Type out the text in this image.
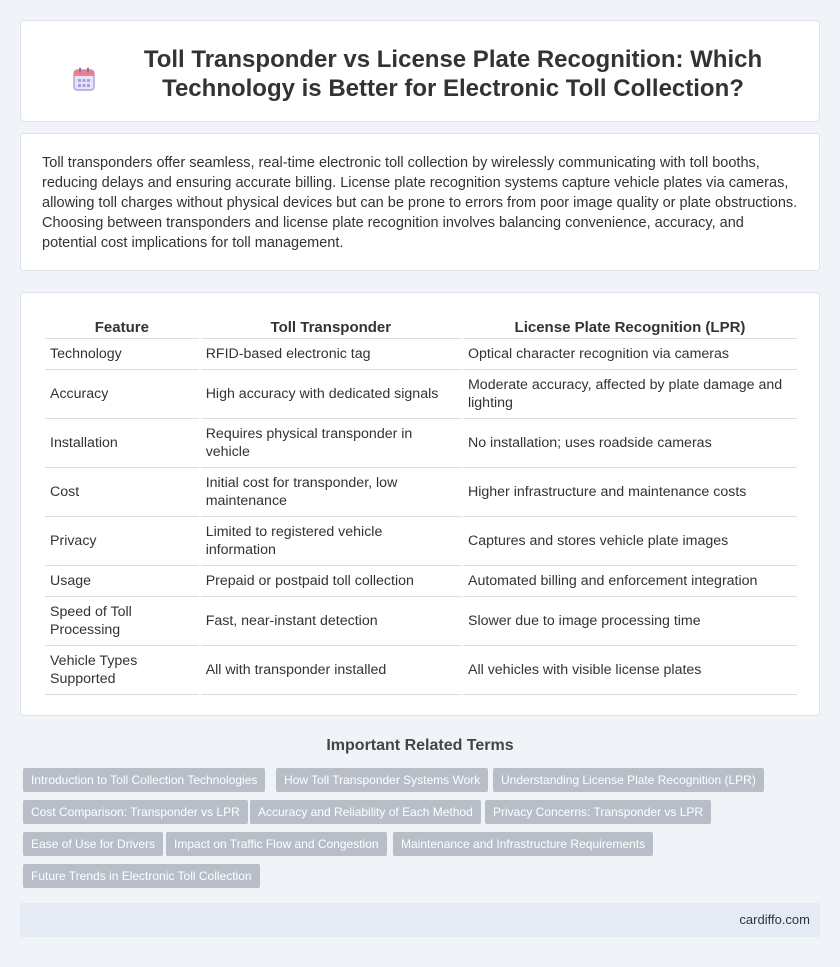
Toll Transponder vs License Plate Recognition: Which Technology is Better for Electronic Toll Collection?

Toll transponders offer seamless, real-time electronic toll collection by wirelessly communicating with toll booths, reducing delays and ensuring accurate billing. License plate recognition systems capture vehicle plates via cameras, allowing toll charges without physical devices but can be prone to errors from poor image quality or plate obstructions. Choosing between transponders and license plate recognition involves balancing convenience, accuracy, and potential cost implications for toll management.

Feature	Toll Transponder	License Plate Recognition (LPR)
Technology	RFID-based electronic tag	Optical character recognition via cameras
Accuracy	High accuracy with dedicated signals	Moderate accuracy, affected by plate damage and lighting
Installation	Requires physical transponder in vehicle	No installation; uses roadside cameras
Cost	Initial cost for transponder, low maintenance	Higher infrastructure and maintenance costs
Privacy	Limited to registered vehicle information	Captures and stores vehicle plate images
Usage	Prepaid or postpaid toll collection	Automated billing and enforcement integration
Speed of Toll Processing	Fast, near-instant detection	Slower due to image processing time
Vehicle Types Supported	All with transponder installed	All vehicles with visible license plates
Important Related Terms
Introduction to Toll Collection Technologies	How Toll Transponder Systems Work	Understanding License Plate Recognition (LPR)
Cost Comparison: Transponder vs LPR	Accuracy and Reliability of Each Method	Privacy Concerns: Transponder vs LPR
Ease of Use for Drivers	Impact on Traffic Flow and Congestion	Maintenance and Infrastructure Requirements
Future Trends in Electronic Toll Collection
cardiffo.com
